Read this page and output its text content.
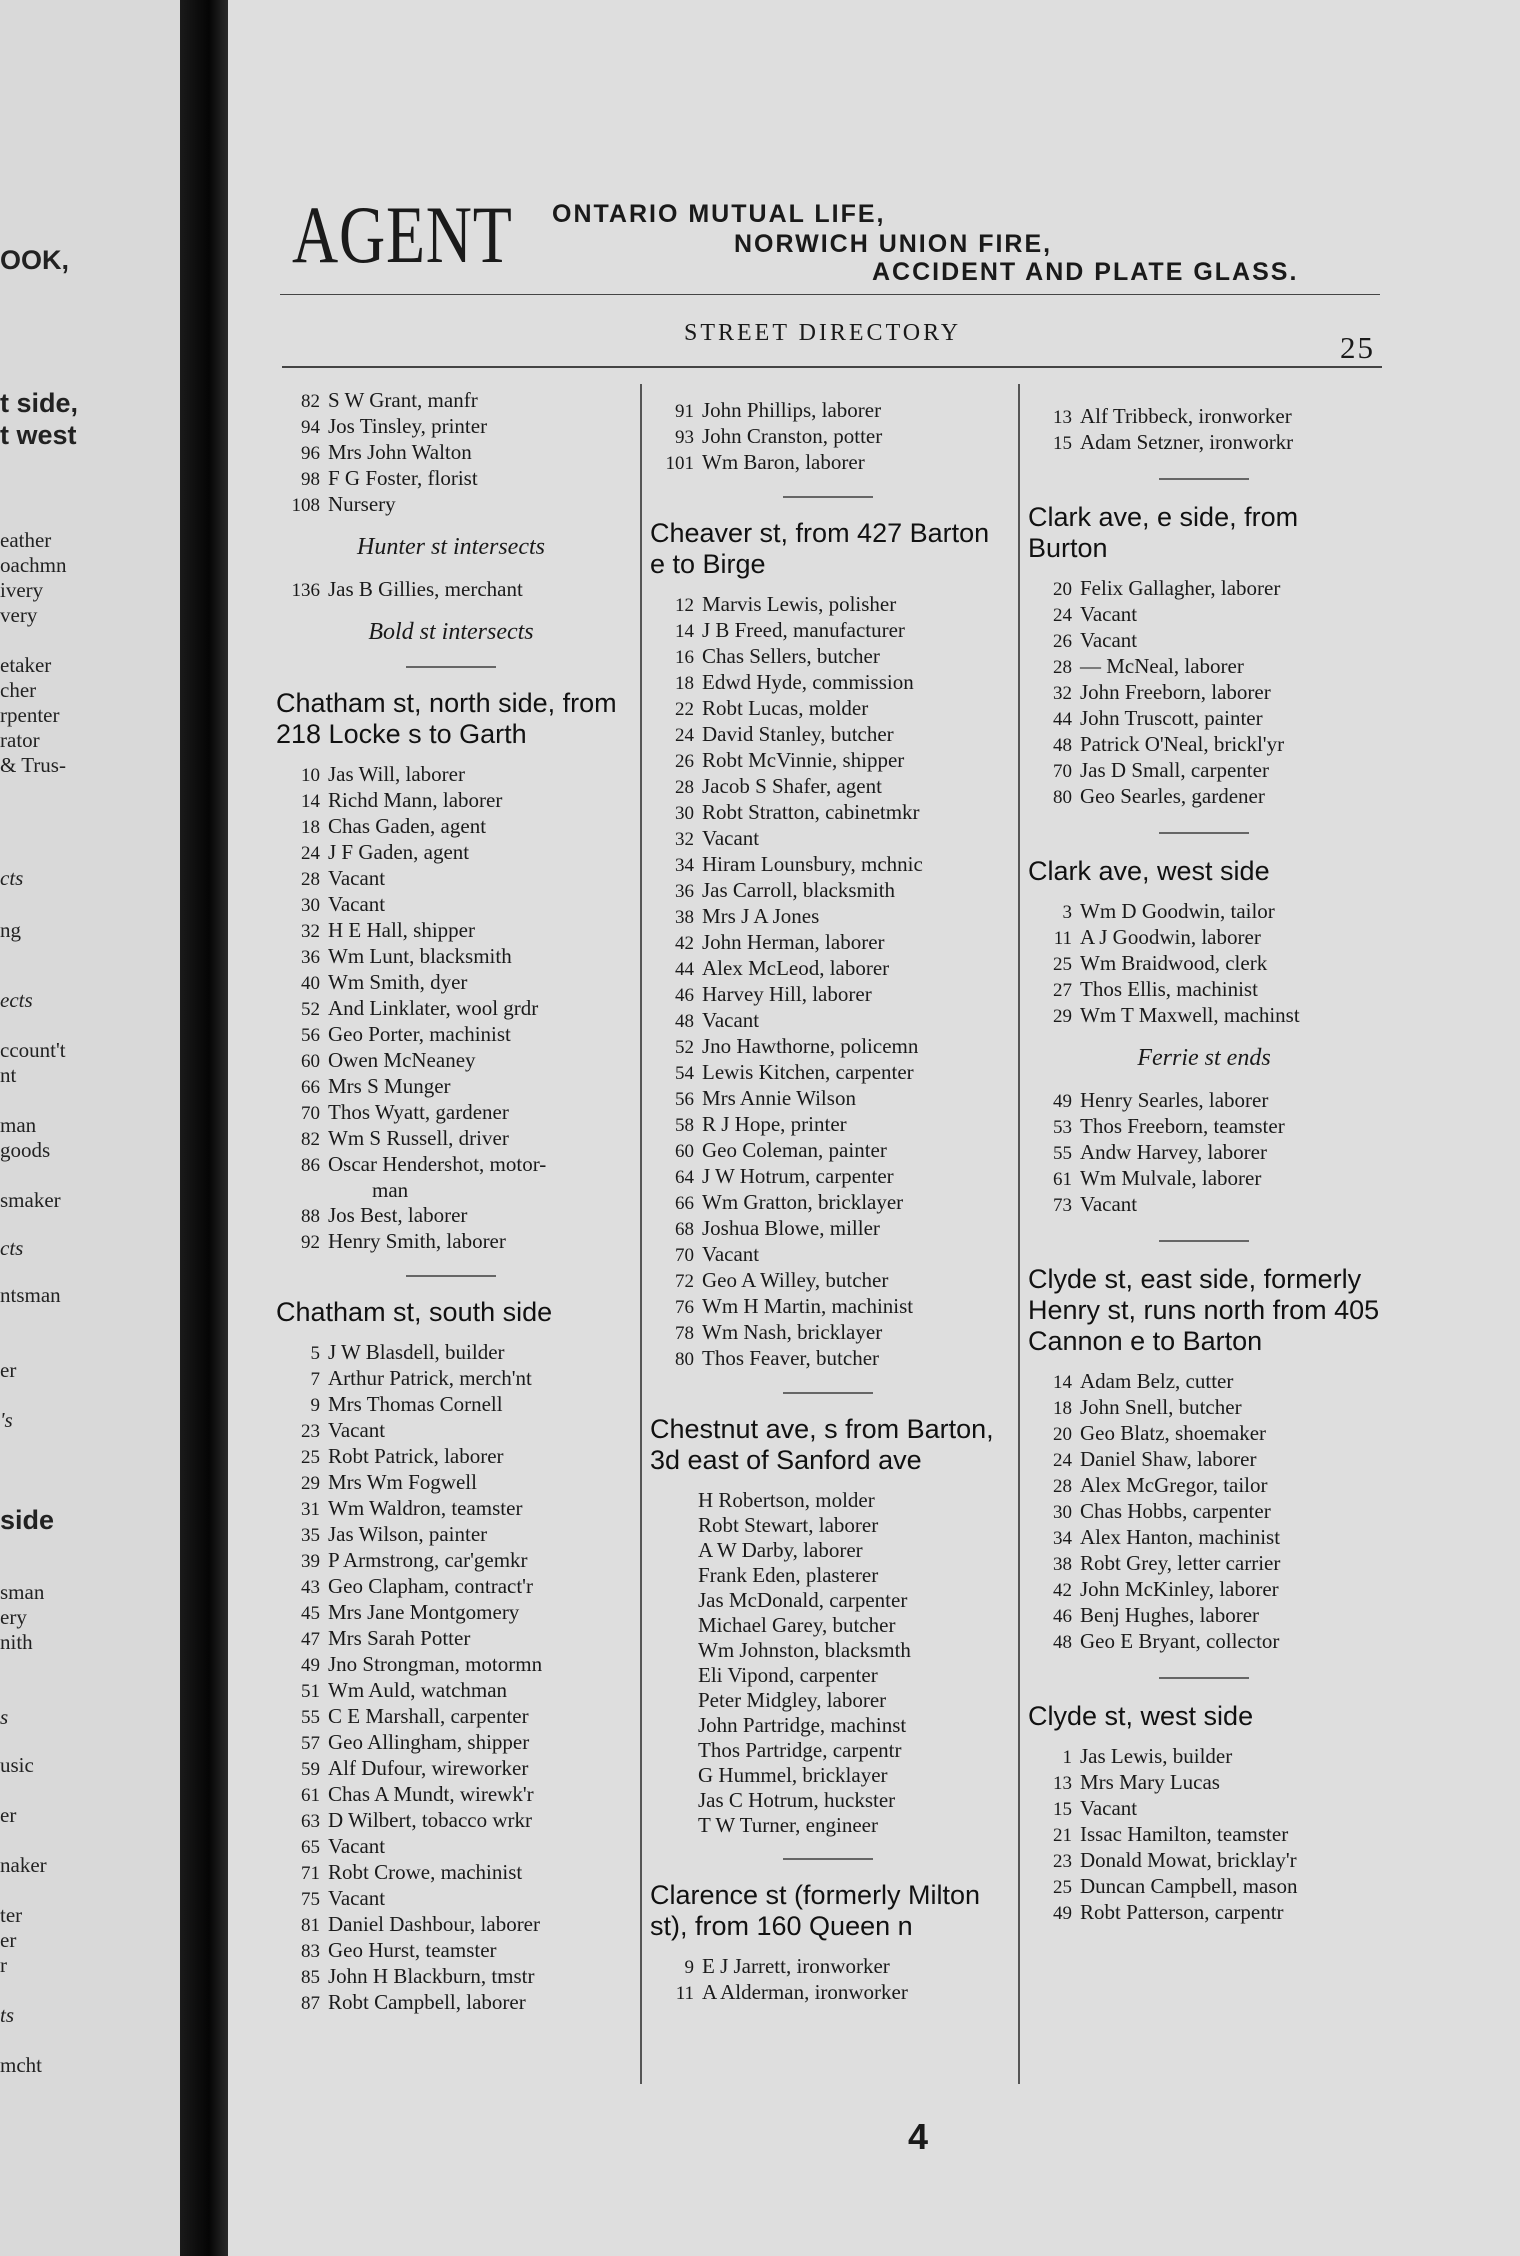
OOK,
t side,
t west
eather
oachmn
ivery
very
etaker
cher
rpenter
rator
& Trus-
cts
ng
ects
ccount't
nt
man
goods
smaker
cts
ntsman
er
's
side
sman
ery
nith
s
usic
er
naker
ter
er
r
ts
mcht
AGENT ONTARIO MUTUAL LIFE,
NORWICH UNION FIRE,
ACCIDENT AND PLATE GLASS.
STREET DIRECTORY	25
82 S W Grant, manfr
94 Jos Tinsley, printer
96 Mrs John Walton
98 F G Foster, florist
108 Nursery
Hunter st intersects
136 Jas B Gillies, merchant
Bold st intersects
Chatham st, north side, from 218 Locke s to Garth
10 Jas Will, laborer
14 Richd Mann, laborer
18 Chas Gaden, agent
24 J F Gaden, agent
28 Vacant
30 Vacant
32 H E Hall, shipper
36 Wm Lunt, blacksmith
40 Wm Smith, dyer
52 And Linklater, wool grdr
56 Geo Porter, machinist
60 Owen McNeaney
66 Mrs S Munger
70 Thos Wyatt, gardener
82 Wm S Russell, driver
86 Oscar Hendershot, motor-
man
88 Jos Best, laborer
92 Henry Smith, laborer
Chatham st, south side
5 J W Blasdell, builder
7 Arthur Patrick, merch'nt
9 Mrs Thomas Cornell
23 Vacant
25 Robt Patrick, laborer
29 Mrs Wm Fogwell
31 Wm Waldron, teamster
35 Jas Wilson, painter
39 P Armstrong, car'gemkr
43 Geo Clapham, contract'r
45 Mrs Jane Montgomery
47 Mrs Sarah Potter
49 Jno Strongman, motormn
51 Wm Auld, watchman
55 C E Marshall, carpenter
57 Geo Allingham, shipper
59 Alf Dufour, wireworker
61 Chas A Mundt, wirewk'r
63 D Wilbert, tobacco wrkr
65 Vacant
71 Robt Crowe, machinist
75 Vacant
81 Daniel Dashbour, laborer
83 Geo Hurst, teamster
85 John H Blackburn, tmstr
87 Robt Campbell, laborer
91 John Phillips, laborer
93 John Cranston, potter
101 Wm Baron, laborer
Cheaver st, from 427 Barton e to Birge
12 Marvis Lewis, polisher
14 J B Freed, manufacturer
16 Chas Sellers, butcher
18 Edwd Hyde, commission
22 Robt Lucas, molder
24 David Stanley, butcher
26 Robt McVinnie, shipper
28 Jacob S Shafer, agent
30 Robt Stratton, cabinetmkr
32 Vacant
34 Hiram Lounsbury, mchnic
36 Jas Carroll, blacksmith
38 Mrs J A Jones
42 John Herman, laborer
44 Alex McLeod, laborer
46 Harvey Hill, laborer
48 Vacant
52 Jno Hawthorne, policemn
54 Lewis Kitchen, carpenter
56 Mrs Annie Wilson
58 R J Hope, printer
60 Geo Coleman, painter
64 J W Hotrum, carpenter
66 Wm Gratton, bricklayer
68 Joshua Blowe, miller
70 Vacant
72 Geo A Willey, butcher
76 Wm H Martin, machinist
78 Wm Nash, bricklayer
80 Thos Feaver, butcher
Chestnut ave, s from Barton, 3d east of Sanford ave
H Robertson, molder
Robt Stewart, laborer
A W Darby, laborer
Frank Eden, plasterer
Jas McDonald, carpenter
Michael Garey, butcher
Wm Johnston, blacksmth
Eli Vipond, carpenter
Peter Midgley, laborer
John Partridge, machinst
Thos Partridge, carpentr
G Hummel, bricklayer
Jas C Hotrum, huckster
T W Turner, engineer
Clarence st (formerly Milton st), from 160 Queen n
9 E J Jarrett, ironworker
11 A Alderman, ironworker
13 Alf Tribbeck, ironworker
15 Adam Setzner, ironworkr
Clark ave, e side, from Burton
20 Felix Gallagher, laborer
24 Vacant
26 Vacant
28 — McNeal, laborer
32 John Freeborn, laborer
44 John Truscott, painter
48 Patrick O'Neal, brickl'yr
70 Jas D Small, carpenter
80 Geo Searles, gardener
Clark ave, west side
3 Wm D Goodwin, tailor
11 A J Goodwin, laborer
25 Wm Braidwood, clerk
27 Thos Ellis, machinist
29 Wm T Maxwell, machinst
Ferrie st ends
49 Henry Searles, laborer
53 Thos Freeborn, teamster
55 Andw Harvey, laborer
61 Wm Mulvale, laborer
73 Vacant
Clyde st, east side, formerly Henry st, runs north from 405 Cannon e to Barton
14 Adam Belz, cutter
18 John Snell, butcher
20 Geo Blatz, shoemaker
24 Daniel Shaw, laborer
28 Alex McGregor, tailor
30 Chas Hobbs, carpenter
34 Alex Hanton, machinist
38 Robt Grey, letter carrier
42 John McKinley, laborer
46 Benj Hughes, laborer
48 Geo E Bryant, collector
Clyde st, west side
1 Jas Lewis, builder
13 Mrs Mary Lucas
15 Vacant
21 Issac Hamilton, teamster
23 Donald Mowat, bricklay'r
25 Duncan Campbell, mason
49 Robt Patterson, carpentr
4
